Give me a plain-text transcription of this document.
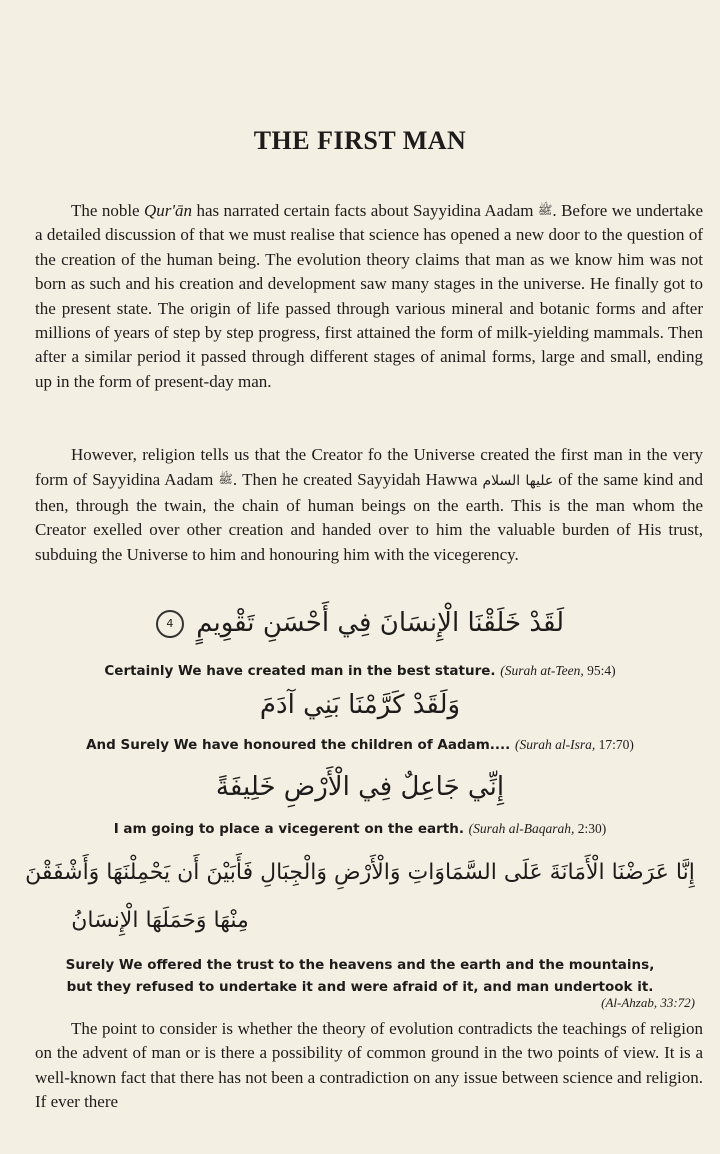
THE FIRST MAN
The noble Qur'ān has narrated certain facts about Sayyidina Aadam ﷺ. Before we undertake a detailed discussion of that we must realise that science has opened a new door to the question of the creation of the human being. The evolution theory claims that man as we know him was not born as such and his creation and development saw many stages in the universe. He finally got to the present state. The origin of life passed through various mineral and botanic forms and after millions of years of step by step progress, first attained the form of milk-yielding mammals. Then after a similar period it passed through different stages of animal forms, large and small, ending up in the form of present-day man.
However, religion tells us that the Creator fo the Universe created the first man in the very form of Sayyidina Aadam ﷺ. Then he created Sayyidah Hawwa عليها السلام of the same kind and then, through the twain, the chain of human beings on the earth. This is the man whom the Creator exelled over other creation and handed over to him the valuable burden of His trust, subduing the Universe to him and honouring him with the vicegerency.
لَقَدْ خَلَقْنَا الْإِنسَانَ فِي أَحْسَنِ تَقْوِيمٍ 4
Certainly We have created man in the best stature. (Surah at-Teen, 95:4)
وَلَقَدْ كَرَّمْنَا بَنِي آدَمَ
And Surely We have honoured the children of Aadam.... (Surah al-Isra, 17:70)
إِنِّي جَاعِلٌ فِي الْأَرْضِ خَلِيفَةً
I am going to place a vicegerent on the earth. (Surah al-Baqarah, 2:30)
إِنَّا عَرَضْنَا الْأَمَانَةَ عَلَى السَّمَاوَاتِ وَالْأَرْضِ وَالْجِبَالِ فَأَبَيْنَ أَن يَحْمِلْنَهَا وَأَشْفَقْنَ
مِنْهَا وَحَمَلَهَا الْإِنسَانُ
Surely We offered the trust to the heavens and the earth and the mountains,
but they refused to undertake it and were afraid of it, and man undertook it.
(Al-Ahzab, 33:72)
The point to consider is whether the theory of evolution contradicts the teachings of religion on the advent of man or is there a possibility of common ground in the two points of view. It is a well-known fact that there has not been a contradiction on any issue between science and religion. If ever there
